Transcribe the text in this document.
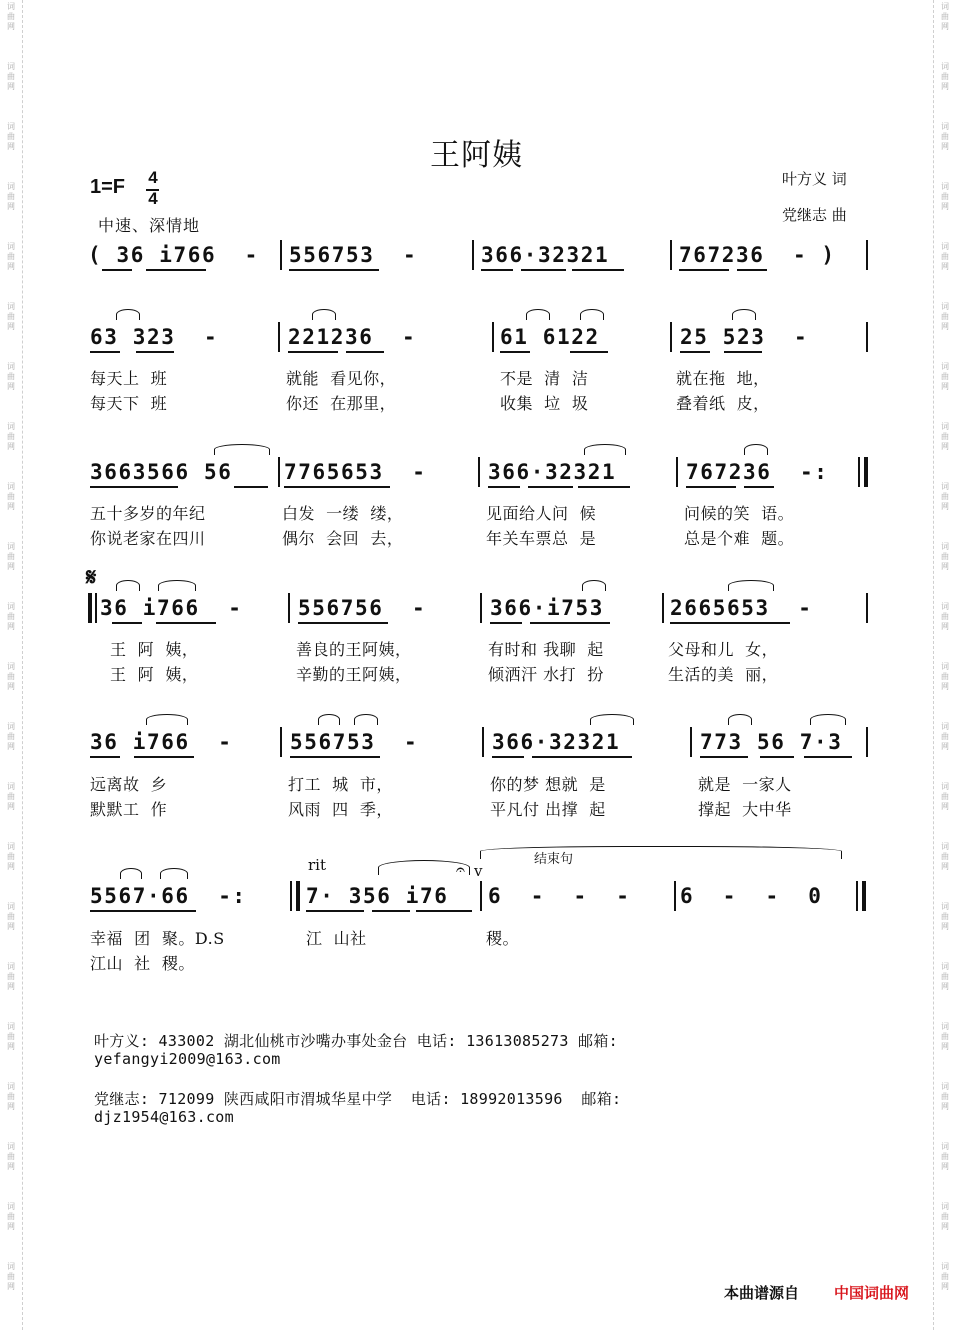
词
曲
网
词
曲
网
词
曲
网
词
曲
网
词
曲
网
词
曲
网
词
曲
网
词
曲
网
词
曲
网
词
曲
网
词
曲
网
词
曲
网
词
曲
网
词
曲
网
词
曲
网
词
曲
网
词
曲
网
词
曲
网
词
曲
网
词
曲
网
词
曲
网
词
曲
网
词
曲
网
词
曲
网
词
曲
网
词
曲
网
词
曲
网
词
曲
网
词
曲
网
词
曲
网
词
曲
网
词
曲
网
词
曲
网
词
曲
网
词
曲
网
词
曲
网
词
曲
网
词
曲
网
词
曲
网
词
曲
网
词
曲
网
词
曲
网
词
曲
网
词
曲
网
王阿姨
叶方义 词
党继志 曲
1=F 4
4
中速、深情地
( 36 i766  - 556753  -	366·32321	767236  - )
63 323  -	221236  -	61 6122	25 523  -
每天上  班	就能  看见你，	不是  清  洁	就在拖  地，
每天下  班	你还  在那里，	收集  垃  圾	叠着纸  皮，
3663566 56 7765653  -	366·32321	767236  -:
五十多岁的年纪	白发  一缕  缕，	见面给人问  候	问候的笑  语。
你说老家在四川	偶尔  会回  去，	年关车票总  是	总是个难  题。
𝄋
36 i766  -	556756  -	366·i753	2665653  -
王  阿  姨，	善良的王阿姨，	有时和 我聊  起	父母和儿  女，
王  阿  姨，	辛勤的王阿姨，	倾洒汗 水打  扮	生活的美  丽，
36 i766  -	556753  -	366·32321	773 56 7·3
远离故  乡	打工  城  市，	你的梦 想就  是	就是  一家人
默默工  作	风雨  四  季，	平凡付 出撑  起	撑起  大中华
rit	结束句
𝄐 v
5567·66  -:	7· 356 i76 6  -  -  - 6  -  -  0
幸福  团  聚。D.S	江  山社	稷。
江山  社  稷。
叶方义: 433002 湖北仙桃市沙嘴办事处金台 电话: 13613085273 邮箱:
yefangyi2009@163.com
党继志: 712099 陕西咸阳市渭城华星中学  电话: 18992013596  邮箱:
djz1954@163.com
本曲谱源自 中国词曲网
